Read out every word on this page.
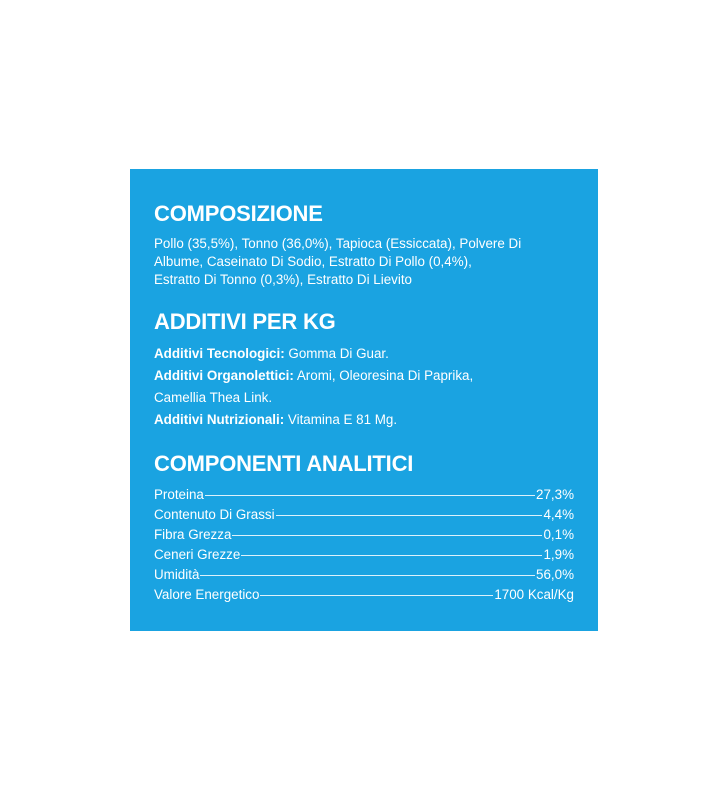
COMPOSIZIONE
Pollo (35,5%), Tonno (36,0%), Tapioca (Essiccata), Polvere Di
Albume, Caseinato Di Sodio, Estratto Di Pollo (0,4%),
Estratto Di Tonno (0,3%), Estratto Di Lievito
ADDITIVI PER KG
Additivi Tecnologici: Gomma Di Guar.
Additivi Organolettici: Aromi, Oleoresina Di Paprika,
Camellia Thea Link.
Additivi Nutrizionali: Vitamina E 81 Mg.
COMPONENTI ANALITICI
Proteina	27,3%
Contenuto Di Grassi	4,4%
Fibra Grezza	0,1%
Ceneri Grezze	1,9%
Umidità	56,0%
Valore Energetico	1700 Kcal/Kg
